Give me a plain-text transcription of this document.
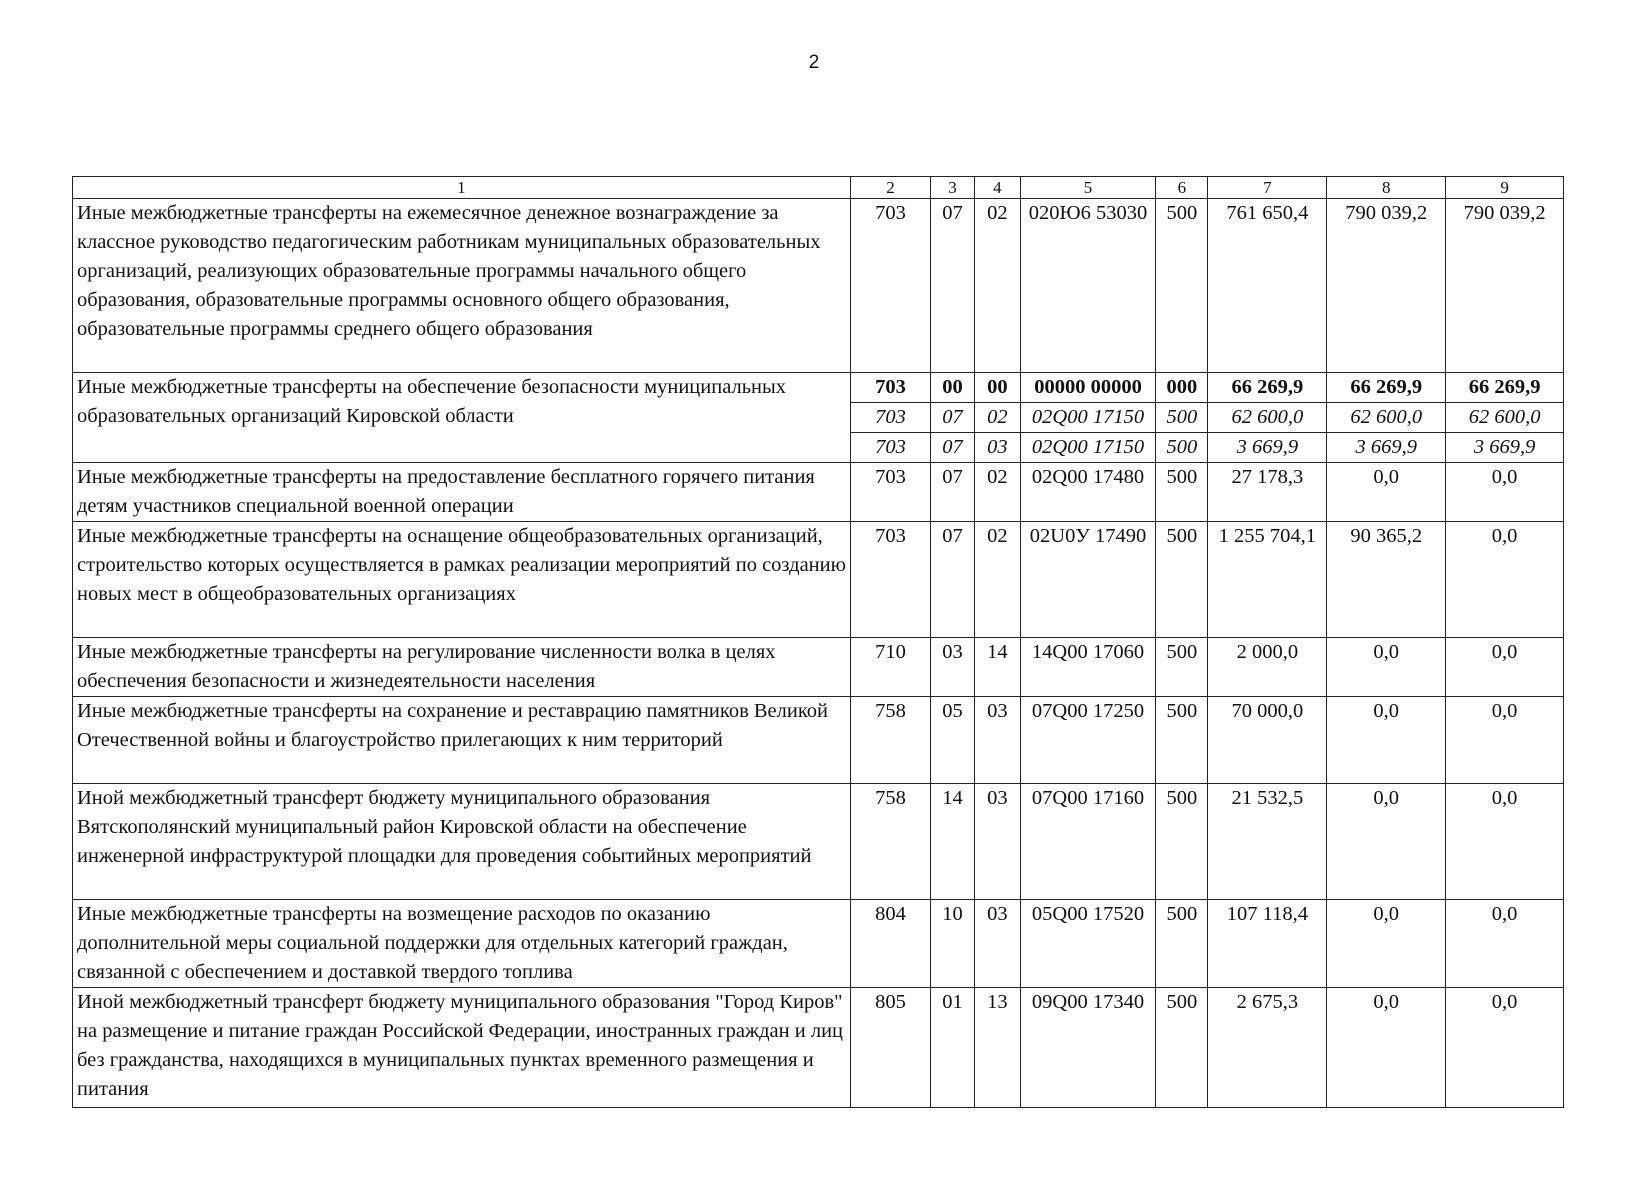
2
1	2	3	4	5	6	7	8	9
Иные межбюджетные трансферты на ежемесячное денежное вознаграждение за классное руководство педагогическим работникам муниципальных образовательных организаций, реализующих образовательные программы начального общего образования, образовательные программы основного общего образования, образовательные программы среднего общего образования	703	07	02	020Ю6 53030	500	761 650,4	790 039,2	790 039,2
Иные межбюджетные трансферты на обеспечение безопасности муниципальных образовательных организаций Кировской области	703	00	00	00000 00000	000	66 269,9	66 269,9	66 269,9
	703	07	02	02Q00 17150	500	62 600,0	62 600,0	62 600,0
	703	07	03	02Q00 17150	500	3 669,9	3 669,9	3 669,9
Иные межбюджетные трансферты на предоставление бесплатного горячего питания детям участников специальной военной операции	703	07	02	02Q00 17480	500	27 178,3	0,0	0,0
Иные межбюджетные трансферты на оснащение общеобразовательных организаций, строительство которых осуществляется в рамках реализации мероприятий по созданию новых мест в общеобразовательных организациях	703	07	02	02U0У 17490	500	1 255 704,1	90 365,2	0,0
Иные межбюджетные трансферты на регулирование численности волка в целях обеспечения безопасности и жизнедеятельности населения	710	03	14	14Q00 17060	500	2 000,0	0,0	0,0
Иные межбюджетные трансферты на сохранение и реставрацию памятников Великой Отечественной войны и благоустройство прилегающих к ним территорий	758	05	03	07Q00 17250	500	70 000,0	0,0	0,0
Иной межбюджетный трансферт бюджету муниципального образования Вятскополянский муниципальный район Кировской области на обеспечение инженерной инфраструктурой площадки для проведения событийных мероприятий	758	14	03	07Q00 17160	500	21 532,5	0,0	0,0
Иные межбюджетные трансферты на возмещение расходов по оказанию дополнительной меры социальной поддержки для отдельных категорий граждан, связанной с обеспечением и доставкой твердого топлива	804	10	03	05Q00 17520	500	107 118,4	0,0	0,0
Иной межбюджетный трансферт бюджету муниципального образования "Город Киров" на размещение и питание граждан Российской Федерации, иностранных граждан и лиц без гражданства, находящихся в муниципальных пунктах временного размещения и питания	805	01	13	09Q00 17340	500	2 675,3	0,0	0,0
